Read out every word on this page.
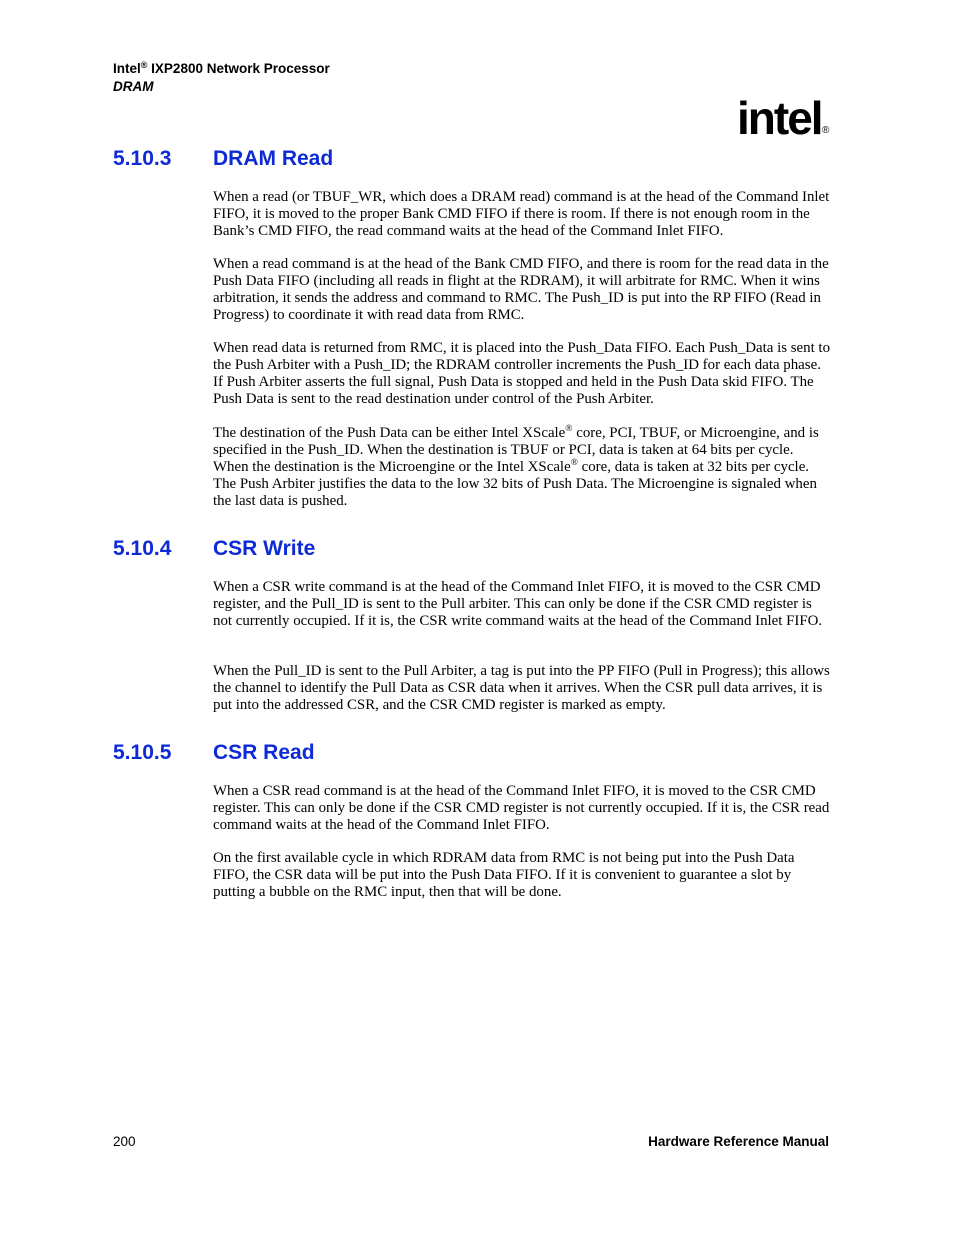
Intel® IXP2800 Network Processor
DRAM
intel ®
5.10.3 DRAM Read
When a read (or TBUF_WR, which does a DRAM read) command is at the head of the Command Inlet FIFO, it is moved to the proper Bank CMD FIFO if there is room. If there is not enough room in the Bank’s CMD FIFO, the read command waits at the head of the Command Inlet FIFO.
When a read command is at the head of the Bank CMD FIFO, and there is room for the read data in the Push Data FIFO (including all reads in flight at the RDRAM), it will arbitrate for RMC. When it wins arbitration, it sends the address and command to RMC. The Push_ID is put into the RP FIFO (Read in Progress) to coordinate it with read data from RMC.
When read data is returned from RMC, it is placed into the Push_Data FIFO. Each Push_Data is sent to the Push Arbiter with a Push_ID; the RDRAM controller increments the Push_ID for each data phase. If Push Arbiter asserts the full signal, Push Data is stopped and held in the Push Data skid FIFO. The Push Data is sent to the read destination under control of the Push Arbiter.
The destination of the Push Data can be either Intel XScale® core, PCI, TBUF, or Microengine, and is specified in the Push_ID. When the destination is TBUF or PCI, data is taken at 64 bits per cycle. When the destination is the Microengine or the Intel XScale® core, data is taken at 32 bits per cycle. The Push Arbiter justifies the data to the low 32 bits of Push Data. The Microengine is signaled when the last data is pushed.
5.10.4 CSR Write
When a CSR write command is at the head of the Command Inlet FIFO, it is moved to the CSR CMD register, and the Pull_ID is sent to the Pull arbiter. This can only be done if the CSR CMD register is not currently occupied. If it is, the CSR write command waits at the head of the Command Inlet FIFO.
When the Pull_ID is sent to the Pull Arbiter, a tag is put into the PP FIFO (Pull in Progress); this allows the channel to identify the Pull Data as CSR data when it arrives. When the CSR pull data arrives, it is put into the addressed CSR, and the CSR CMD register is marked as empty.
5.10.5 CSR Read
When a CSR read command is at the head of the Command Inlet FIFO, it is moved to the CSR CMD register. This can only be done if the CSR CMD register is not currently occupied. If it is, the CSR read command waits at the head of the Command Inlet FIFO.
On the first available cycle in which RDRAM data from RMC is not being put into the Push Data FIFO, the CSR data will be put into the Push Data FIFO. If it is convenient to guarantee a slot by putting a bubble on the RMC input, then that will be done.
200	Hardware Reference Manual
